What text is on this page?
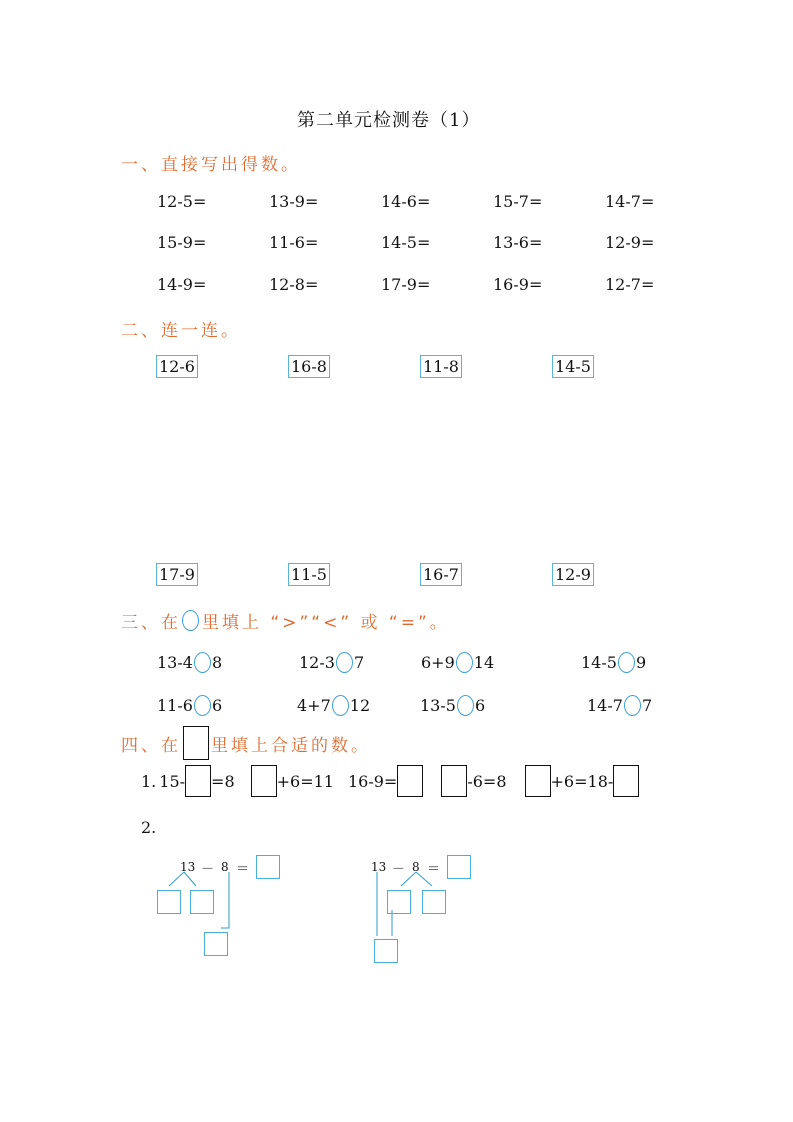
第二单元检测卷（1）
一、直接写出得数。
12-5=	13-9=	14-6=	15-7=	14-7=
15-9=	11-6=	14-5=	13-6=	12-9=
14-9=	12-8=	17-9=	16-9=	12-7=
二、连一连。
12-6	16-8	11-8	14-5
17-9	11-5	16-7	12-9
三、在 里填上 “>”“<” 或 “=”。
13-4 8	12-3 7	6+9 14	14-5 9
11-6 6	4+7 12	13-5 6	14-7 7
四、在 里填上合适的数。
1. 15- =8	+6=11 16-9=	-6=8	+6=18-
2.
13 － 8 ＝	13 － 8 ＝
